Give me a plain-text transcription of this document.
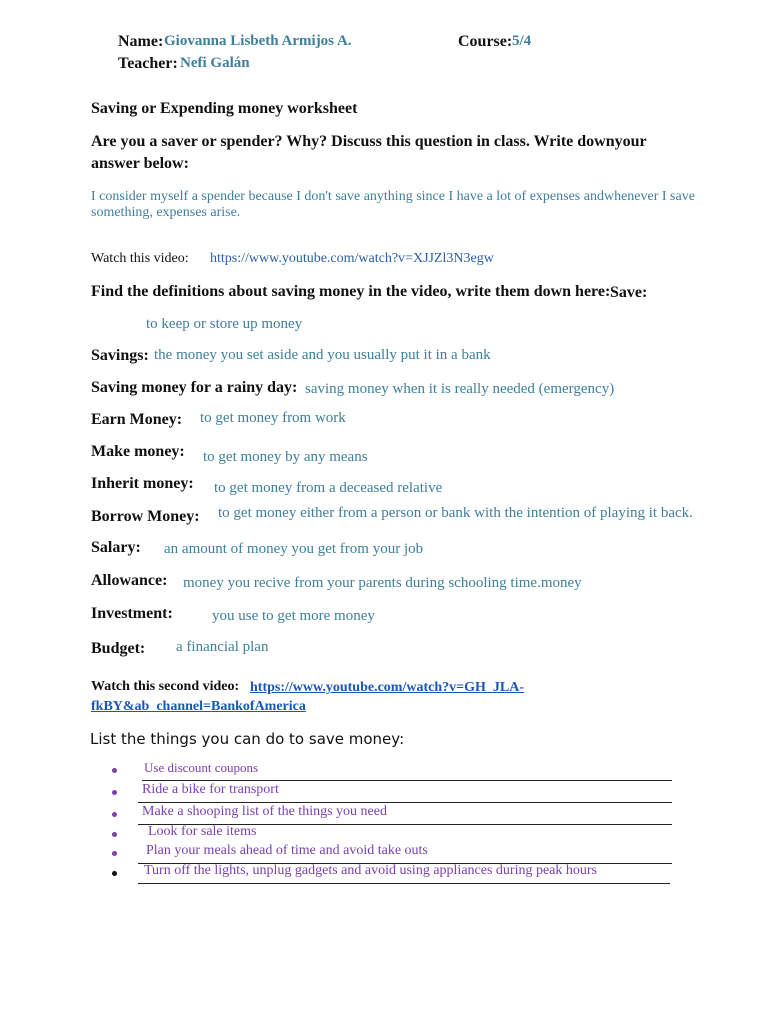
Name: Giovanna Lisbeth Armijos A.	Course: 5/4
Teacher: Nefi Galán
Saving or Expending money worksheet
Are you a saver or spender? Why? Discuss this question in class. Write downyour
answer below:
I consider myself a spender because I don't save anything since I have a lot of expenses andwhenever I save
something, expenses arise.
Watch this video: https://www.youtube.com/watch?v=XJJZl3N3egw
Find the definitions about saving money in the video, write them down here: Save:
to keep or store up money
Savings: the money you set aside and you usually put it in a bank
Saving money for a rainy day: saving money when it is really needed (emergency)
Earn Money: to get money from work
Make money: to get money by any means
Inherit money: to get money from a deceased relative
Borrow Money: to get money either from a person or bank with the intention of playing it back.
Salary: an amount of money you get from your job
Allowance: money you recive from your parents during schooling time.money
Investment:	you use to get more money
Budget: a financial plan
Watch this second video: https://www.youtube.com/watch?v=GH_JLA-
fkBY&ab_channel=BankofAmerica
List the things you can do to save money:
Use discount coupons
Ride a bike for transport
Make a shooping list of the things you need
Look for sale items
Plan your meals ahead of time and avoid take outs
Turn off the lights, unplug gadgets and avoid using appliances during peak hours
